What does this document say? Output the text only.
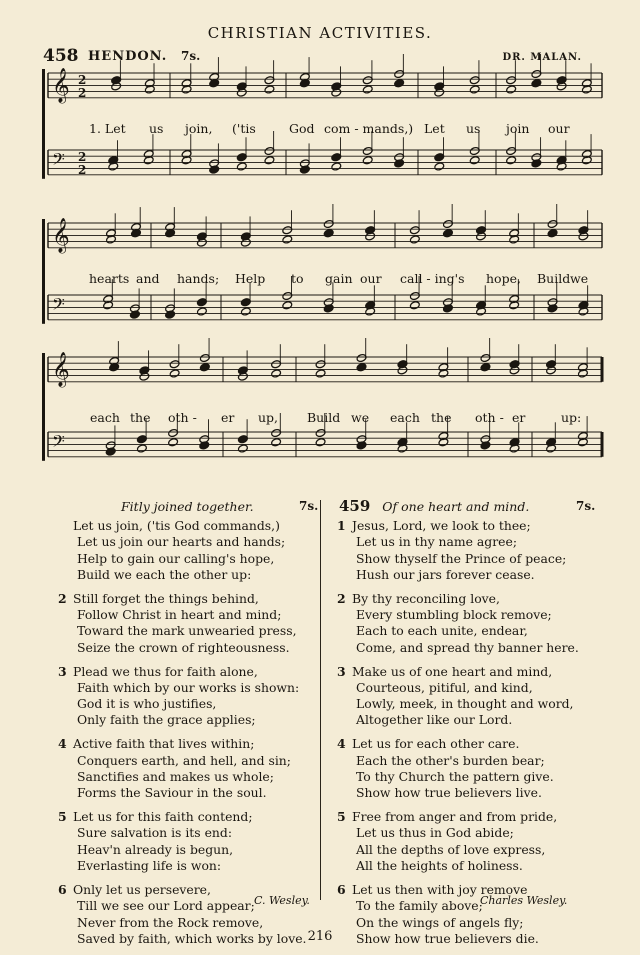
CHRISTIAN ACTIVITIES.
458 HENDON. 7s.	DR. MALAN.
𝄞 2
2
𝄢 2
2
𝄞
𝄢
𝄞
𝄢
1. Let us join, ('tis	God com - mands,) Let us join our
hearts and hands; Help to gain our call - ing's hope, Build we
each the oth - er up, Build we each the oth - er	up:
Fitly joined together.	7s. 459 Of one heart and mind.	7s.
Let us join, ('tis God commands,)
Let us join our hearts and hands;
Help to gain our calling's hope,
Build we each the other up:
2 Still forget the things behind,
Follow Christ in heart and mind;
Toward the mark unwearied press,
Seize the crown of righteousness.
3 Plead we thus for faith alone,
Faith which by our works is shown:
God it is who justifies,
Only faith the grace applies;
4 Active faith that lives within;
Conquers earth, and hell, and sin;
Sanctifies and makes us whole;
Forms the Saviour in the soul.
5 Let us for this faith contend;
Sure salvation is its end:
Heav'n already is begun,
Everlasting life is won:
6 Only let us persevere,
Till we see our Lord appear;
Never from the Rock remove,
Saved by faith, which works by love.
1 Jesus, Lord, we look to thee;
Let us in thy name agree;
Show thyself the Prince of peace;
Hush our jars forever cease.
2 By thy reconciling love,
Every stumbling block remove;
Each to each unite, endear,
Come, and spread thy banner here.
3 Make us of one heart and mind,
Courteous, pitiful, and kind,
Lowly, meek, in thought and word,
Altogether like our Lord.
4 Let us for each other care.
Each the other's burden bear;
To thy Church the pattern give.
Show how true believers live.
5 Free from anger and from pride,
Let us thus in God abide;
All the depths of love express,
All the heights of holiness.
6 Let us then with joy remove
To the family above;
On the wings of angels fly;
Show how true believers die.
C. Wesley.	Charles Wesley.
216
